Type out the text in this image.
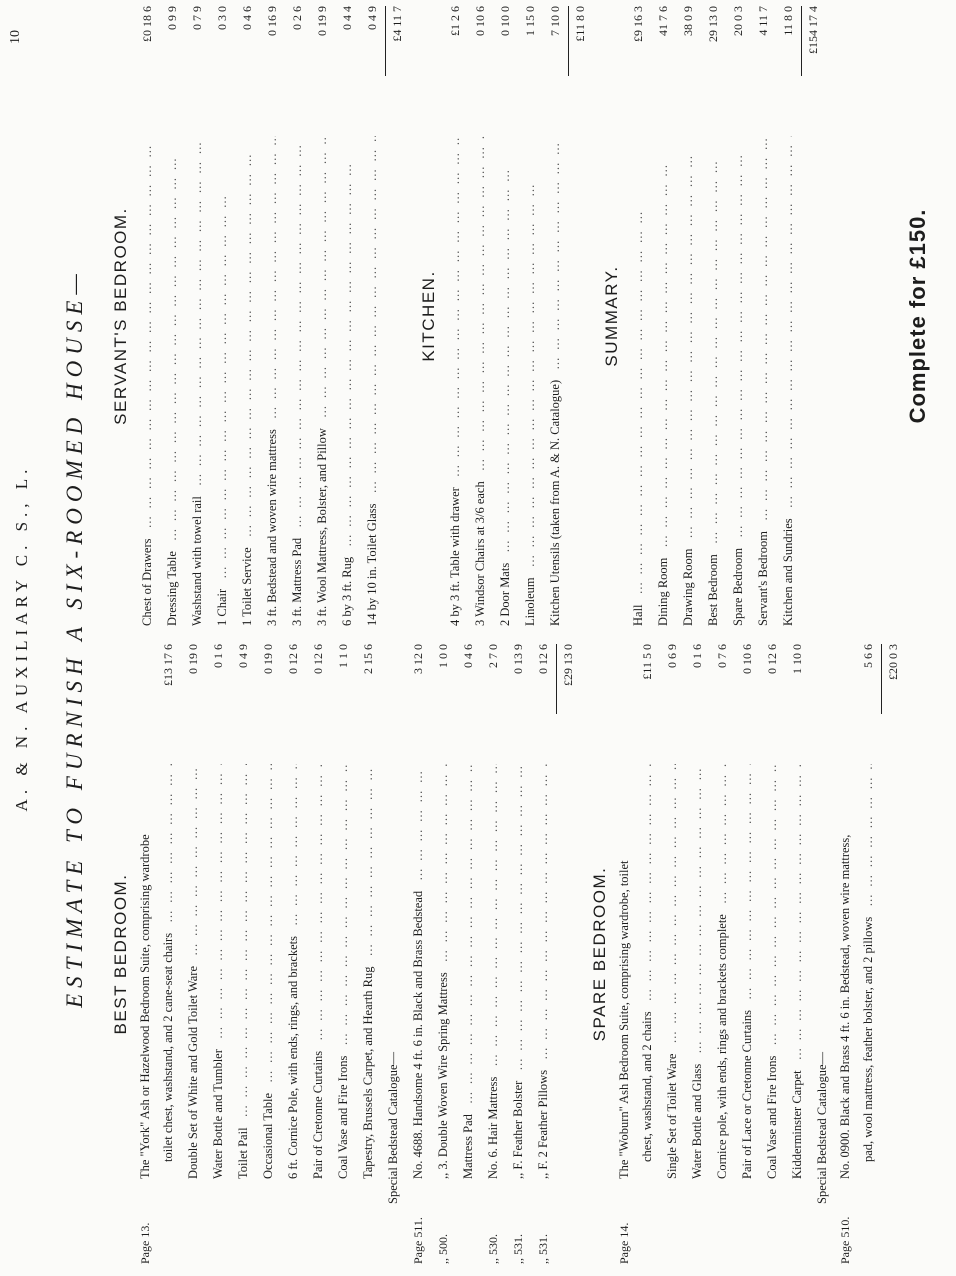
10
A. & N. AUXILIARY C. S., L. ESTIMATE TO FURNISH A SIX-ROOMED HOUSE— BEST BEDROOM.
Page 13.
The "York" Ash or Hazelwood Bedroom Suite, comprising wardrobe toilet chest, washstand, and 2 cane-seat chairs ……………………………………………………
£13 17 6
Double Set of White and Gold Toilet Ware ……………………………………………………
0 19 0
Water Bottle and Tumbler ……………………………………………………
0 1 6
Toilet Pail ……………………………………………………
0 4 9
Occasional Table ……………………………………………………
0 19 0
6 ft. Cornice Pole, with ends, rings, and brackets ……………………………………………………
0 12 6
Pair of Cretonne Curtains ……………………………………………………
0 12 6
Coal Vase and Fire Irons ……………………………………………………
1 1 0
Tapestry, Brussels Carpet, and Hearth Rug ……………………………………………………
2 15 6
Special Bedstead Catalogue—
Page 511.
No. 4688. Handsome 4 ft. 6 in. Black and Brass Bedstead ……………………………………………………
3 12 0
,, 500.
,, 3. Double Woven Wire Spring Mattress ……………………………………………………
1 0 0
Mattress Pad ……………………………………………………
0 4 6
,, 530.
No. 6. Hair Mattress ……………………………………………………
2 7 0
,, 531.
,, F. Feather Bolster ……………………………………………………
0 13 9
,, 531.
,, F. 2 Feather Pillows ……………………………………………………
0 12 6 £29 13 0
SPARE BEDROOM.
Page 14.
The "Woburn" Ash Bedroom Suite, comprising wardrobe, toilet chest, washstand, and 2 chairs ……………………………………………………
£11 5 0
Single Set of Toilet Ware ……………………………………………………
0 6 9
Water Bottle and Glass ……………………………………………………
0 1 6
Cornice pole, with ends, rings and brackets complete ……………………………………………………
0 7 6
Pair of Lace or Cretonne Curtains ……………………………………………………
0 10 6
Coal Vase and Fire Irons ……………………………………………………
0 12 6
Kidderminster Carpet ……………………………………………………
1 10 0
Special Bedstead Catalogue—
Page 510.
No. 0900. Black and Brass 4 ft. 6 in. Bedstead, woven wire mattress, pad, wool mattress, feather bolster, and 2 pillows ……………………………………………………
5 6 6 £20 0 3
SERVANT'S BEDROOM.
Chest of Drawers ……………………………………………………
£0 18 6
Dressing Table ……………………………………………………
0 9 9
Washstand with towel rail ……………………………………………………
0 7 9
1 Chair ……………………………………………………
0 3 0
1 Toilet Service ……………………………………………………
0 4 6
3 ft. Bedstead and woven wire mattress ……………………………………………………
0 16 9
3 ft. Mattress Pad ……………………………………………………
0 2 6
3 ft. Wool Mattress, Bolster, and Pillow ……………………………………………………
0 19 9
6 by 3 ft. Rug ……………………………………………………
0 4 4
14 by 10 in. Toilet Glass ……………………………………………………
0 4 9 £4 11 7
KITCHEN.
4 by 3 ft. Table with drawer ……………………………………………………
£1 2 6
3 Windsor Chairs at 3/6 each ……………………………………………………
0 10 6
2 Door Mats ……………………………………………………
0 10 0
Linoleum ……………………………………………………
1 15 0
Kitchen Utensils (taken from A. & N. Catalogue) ……………………………………………………
7 10 0 £11 8 0
SUMMARY.
Hall ……………………………………………………
£9 16 3
Dining Room ……………………………………………………
41 7 6
Drawing Room ……………………………………………………
38 0 9
Best Bedroom ……………………………………………………
29 13 0
Spare Bedroom ……………………………………………………
20 0 3
Servant's Bedroom ……………………………………………………
4 11 7
Kitchen and Sundries ……………………………………………………
11 8 0 £154 17 4
Complete for £150.
